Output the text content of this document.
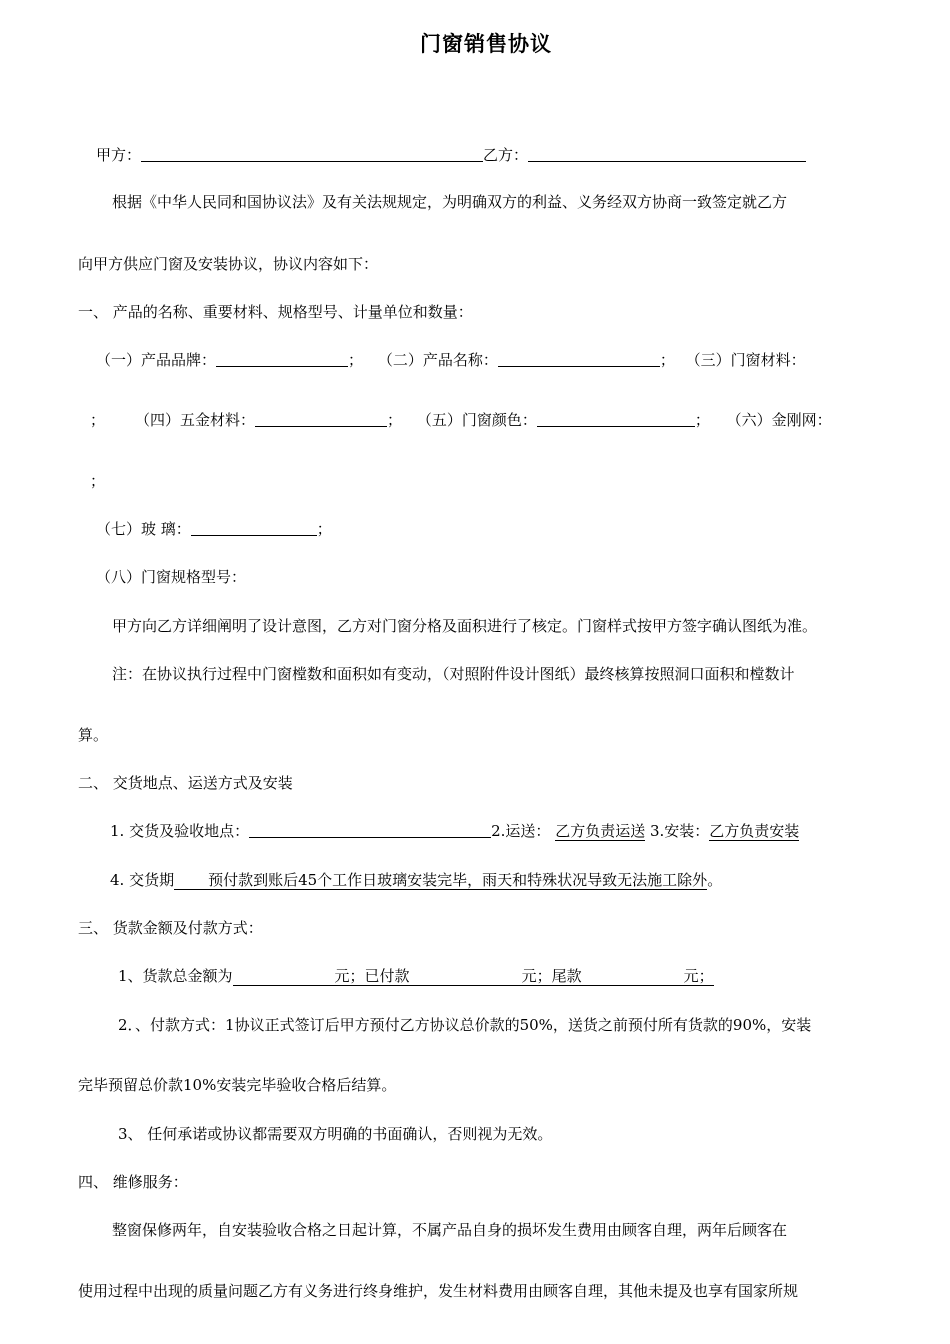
门窗销售协议
甲方：	乙方：
根据《中华人民同和国协议法》及有关法规规定，为明确双方的利益、义务经双方协商一致签定就乙方
向甲方供应门窗及安装协议，协议内容如下：
一、 产品的名称、重要材料、规格型号、计量单位和数量：
（一）产品品牌：	； （二）产品名称：	； （三）门窗材料：
； （四）五金材料：	； （五）门窗颜色：	； （六）金刚网：
；
（七）玻 璃：	；
（八）门窗规格型号：
甲方向乙方详细阐明了设计意图，乙方对门窗分格及面积进行了核定。门窗样式按甲方签字确认图纸为准。
注：在协议执行过程中门窗樘数和面积如有变动，（对照附件设计图纸）最终核算按照洞口面积和樘数计
算。
二、 交货地点、运送方式及安装
1. 交货及验收地点：	2.运送： 乙方负责运送 3.安装：乙方负责安装
4. 交货期 预付款到账后45个工作日玻璃安装完毕，雨天和特殊状况导致无法施工除外。
三、 货款金额及付款方式：
1、货款总金额为	元；已付款	元；尾款	元；
2．、付款方式：1协议正式签订后甲方预付乙方协议总价款的50%，送货之前预付所有货款的90%，安装
完毕预留总价款10%安装完毕验收合格后结算。
3、 任何承诺或协议都需要双方明确的书面确认，否则视为无效。
四、 维修服务：
整窗保修两年，自安装验收合格之日起计算，不属产品自身的损坏发生费用由顾客自理，两年后顾客在
使用过程中出现的质量问题乙方有义务进行终身维护，发生材料费用由顾客自理，其他未提及也享有国家所规
